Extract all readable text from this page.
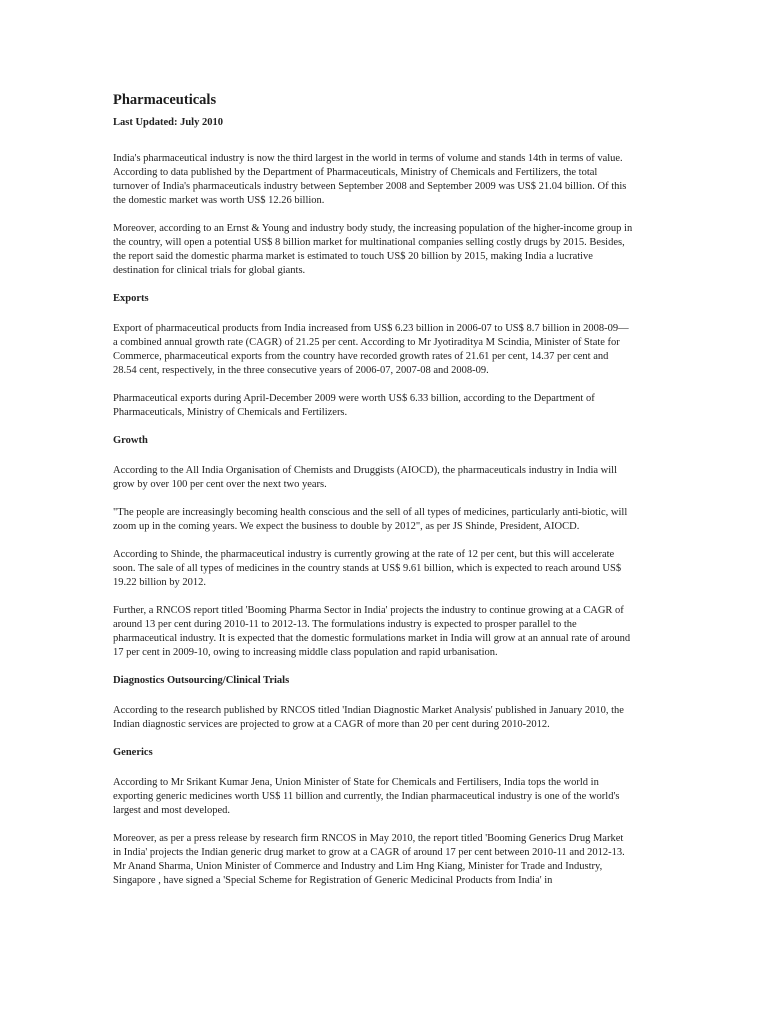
Pharmaceuticals
Last Updated: July 2010

India's pharmaceutical industry is now the third largest in the world in terms of volume and stands 14th in terms of value. According to data published by the Department of Pharmaceuticals, Ministry of Chemicals and Fertilizers, the total turnover of India's pharmaceuticals industry between September 2008 and September 2009 was US$ 21.04 billion. Of this the domestic market was worth US$ 12.26 billion.

Moreover, according to an Ernst & Young and industry body study, the increasing population of the higher-income group in the country, will open a potential US$ 8 billion market for multinational companies selling costly drugs by 2015. Besides, the report said the domestic pharma market is estimated to touch US$ 20 billion by 2015, making India a lucrative destination for clinical trials for global giants.

Exports

Export of pharmaceutical products from India increased from US$ 6.23 billion in 2006-07 to US$ 8.7 billion in 2008-09—a combined annual growth rate (CAGR) of 21.25 per cent. According to Mr Jyotiraditya M Scindia, Minister of State for Commerce, pharmaceutical exports from the country have recorded growth rates of 21.61 per cent, 14.37 per cent and 28.54 cent, respectively, in the three consecutive years of 2006-07, 2007-08 and 2008-09.

Pharmaceutical exports during April-December 2009 were worth US$ 6.33 billion, according to the Department of Pharmaceuticals, Ministry of Chemicals and Fertilizers.

Growth

According to the All India Organisation of Chemists and Druggists (AIOCD), the pharmaceuticals industry in India will grow by over 100 per cent over the next two years.

"The people are increasingly becoming health conscious and the sell of all types of medicines, particularly anti-biotic, will zoom up in the coming years. We expect the business to double by 2012", as per JS Shinde, President, AIOCD.

According to Shinde, the pharmaceutical industry is currently growing at the rate of 12 per cent, but this will accelerate soon. The sale of all types of medicines in the country stands at US$ 9.61 billion, which is expected to reach around US$ 19.22 billion by 2012.

Further, a RNCOS report titled 'Booming Pharma Sector in India' projects the industry to continue growing at a CAGR of around 13 per cent during 2010-11 to 2012-13. The formulations industry is expected to prosper parallel to the pharmaceutical industry. It is expected that the domestic formulations market in India will grow at an annual rate of around 17 per cent in 2009-10, owing to increasing middle class population and rapid urbanisation.

Diagnostics Outsourcing/Clinical Trials

According to the research published by RNCOS titled 'Indian Diagnostic Market Analysis' published in January 2010, the Indian diagnostic services are projected to grow at a CAGR of more than 20 per cent during 2010-2012.

Generics

According to Mr Srikant Kumar Jena, Union Minister of State for Chemicals and Fertilisers, India tops the world in exporting generic medicines worth US$ 11 billion and currently, the Indian pharmaceutical industry is one of the world's largest and most developed.

Moreover, as per a press release by research firm RNCOS in May 2010, the report titled 'Booming Generics Drug Market in India' projects the Indian generic drug market to grow at a CAGR of around 17 per cent between 2010-11 and 2012-13. Mr Anand Sharma, Union Minister of Commerce and Industry and Lim Hng Kiang, Minister for Trade and Industry, Singapore , have signed a 'Special Scheme for Registration of Generic Medicinal Products from India' in
